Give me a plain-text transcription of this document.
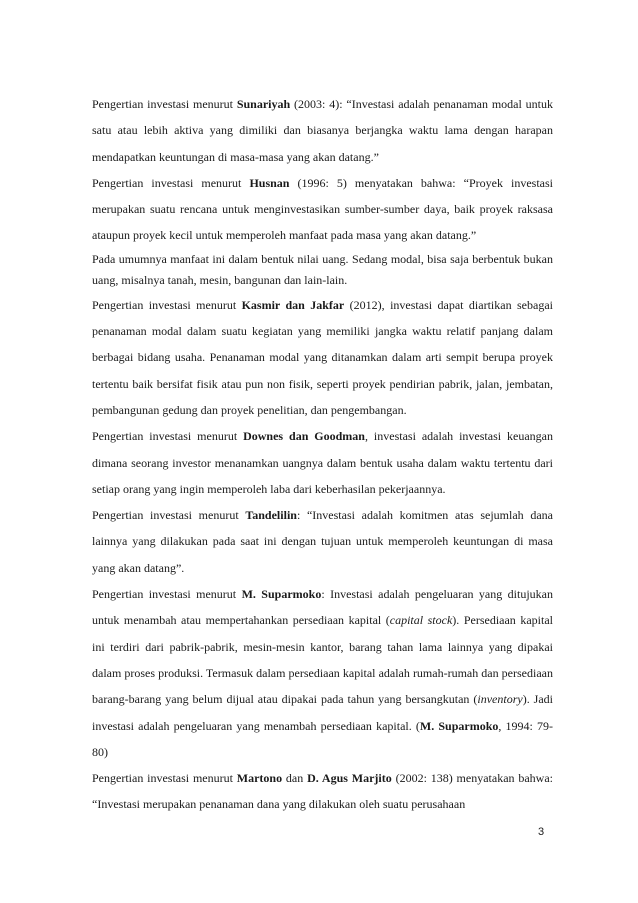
Pengertian investasi menurut Sunariyah (2003: 4): “Investasi adalah penanaman modal untuk satu atau lebih aktiva yang dimiliki dan biasanya berjangka waktu lama dengan harapan mendapatkan keuntungan di masa-masa yang akan datang.”

Pengertian investasi menurut Husnan (1996: 5) menyatakan bahwa: “Proyek investasi merupakan suatu rencana untuk menginvestasikan sumber-sumber daya, baik proyek raksasa ataupun proyek kecil untuk memperoleh manfaat pada masa yang akan datang.”

Pada umumnya manfaat ini dalam bentuk nilai uang. Sedang modal, bisa saja berbentuk bukan uang, misalnya tanah, mesin, bangunan dan lain-lain.

Pengertian investasi menurut Kasmir dan Jakfar (2012), investasi dapat diartikan sebagai penanaman modal dalam suatu kegiatan yang memiliki jangka waktu relatif panjang dalam berbagai bidang usaha. Penanaman modal yang ditanamkan dalam arti sempit berupa proyek tertentu baik bersifat fisik atau pun non fisik, seperti proyek pendirian pabrik, jalan, jembatan, pembangunan gedung dan proyek penelitian, dan pengembangan.

Pengertian investasi menurut Downes dan Goodman, investasi adalah investasi keuangan dimana seorang investor menanamkan uangnya dalam bentuk usaha dalam waktu tertentu dari setiap orang yang ingin memperoleh laba dari keberhasilan pekerjaannya.

Pengertian investasi menurut Tandelilin: “Investasi adalah komitmen atas sejumlah dana lainnya yang dilakukan pada saat ini dengan tujuan untuk memperoleh keuntungan di masa yang akan datang”.

Pengertian investasi menurut M. Suparmoko: Investasi adalah pengeluaran yang ditujukan untuk menambah atau mempertahankan persediaan kapital (capital stock). Persediaan kapital ini terdiri dari pabrik-pabrik, mesin-mesin kantor, barang tahan lama lainnya yang dipakai dalam proses produksi. Termasuk dalam persediaan kapital adalah rumah-rumah dan persediaan barang-barang yang belum dijual atau dipakai pada tahun yang bersangkutan (inventory). Jadi investasi adalah pengeluaran yang menambah persediaan kapital. (M. Suparmoko, 1994: 79-80)

Pengertian investasi menurut Martono dan D. Agus Marjito (2002: 138) menyatakan bahwa: “Investasi merupakan penanaman dana yang dilakukan oleh suatu perusahaan

3
